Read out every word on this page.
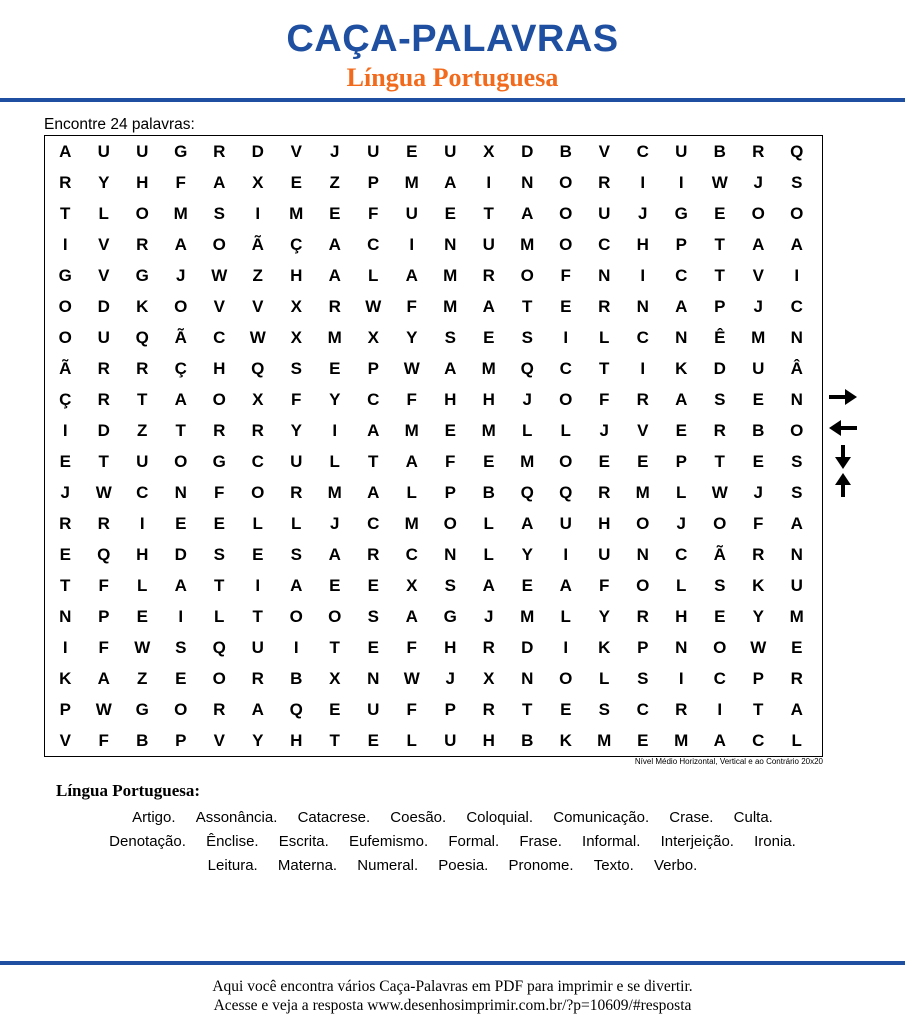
CAÇA-PALAVRAS
Língua Portuguesa
Encontre 24 palavras:
A	U	U	G	R	D	V	J	U	E	U	X	D	B	V	C	U	B	R	Q
R	Y	H	F	A	X	E	Z	P	M	A	I	N	O	R	I	I	W	J	S
T	L	O	M	S	I	M	E	F	U	E	T	A	O	U	J	G	E	O	O
I	V	R	A	O	Ã	Ç	A	C	I	N	U	M	O	C	H	P	T	A	A
G	V	G	J	W	Z	H	A	L	A	M	R	O	F	N	I	C	T	V	I
O	D	K	O	V	V	X	R	W	F	M	A	T	E	R	N	A	P	J	C
O	U	Q	Ã	C	W	X	M	X	Y	S	E	S	I	L	C	N	Ê	M	N
Ã	R	R	Ç	H	Q	S	E	P	W	A	M	Q	C	T	I	K	D	U	Â
Ç	R	T	A	O	X	F	Y	C	F	H	H	J	O	F	R	A	S	E	N
I	D	Z	T	R	R	Y	I	A	M	E	M	L	L	J	V	E	R	B	O
E	T	U	O	G	C	U	L	T	A	F	E	M	O	E	E	P	T	E	S
J	W	C	N	F	O	R	M	A	L	P	B	Q	Q	R	M	L	W	J	S
R	R	I	E	E	L	L	J	C	M	O	L	A	U	H	O	J	O	F	A
E	Q	H	D	S	E	S	A	R	C	N	L	Y	I	U	N	C	Ã	R	N
T	F	L	A	T	I	A	E	E	X	S	A	E	A	F	O	L	S	K	U
N	P	E	I	L	T	O	O	S	A	G	J	M	L	Y	R	H	E	Y	M
I	F	W	S	Q	U	I	T	E	F	H	R	D	I	K	P	N	O	W	E
K	A	Z	E	O	R	B	X	N	W	J	X	N	O	L	S	I	C	P	R
P	W	G	O	R	A	Q	E	U	F	P	R	T	E	S	C	R	I	T	A
V	F	B	P	V	Y	H	T	E	L	U	H	B	K	M	E	M	A	C	L
Nível Médio Horizontal, Vertical e ao Contrário 20x20
Língua Portuguesa:
Artigo. Assonância. Catacrese. Coesão. Coloquial. Comunicação. Crase. Culta.
Denotação. Ênclise. Escrita. Eufemismo. Formal. Frase. Informal. Interjeição. Ironia.
Leitura. Materna. Numeral. Poesia. Pronome. Texto. Verbo.
Aqui você encontra vários Caça-Palavras em PDF para imprimir e se divertir.
Acesse e veja a resposta www.desenhosimprimir.com.br/?p=10609/#resposta
